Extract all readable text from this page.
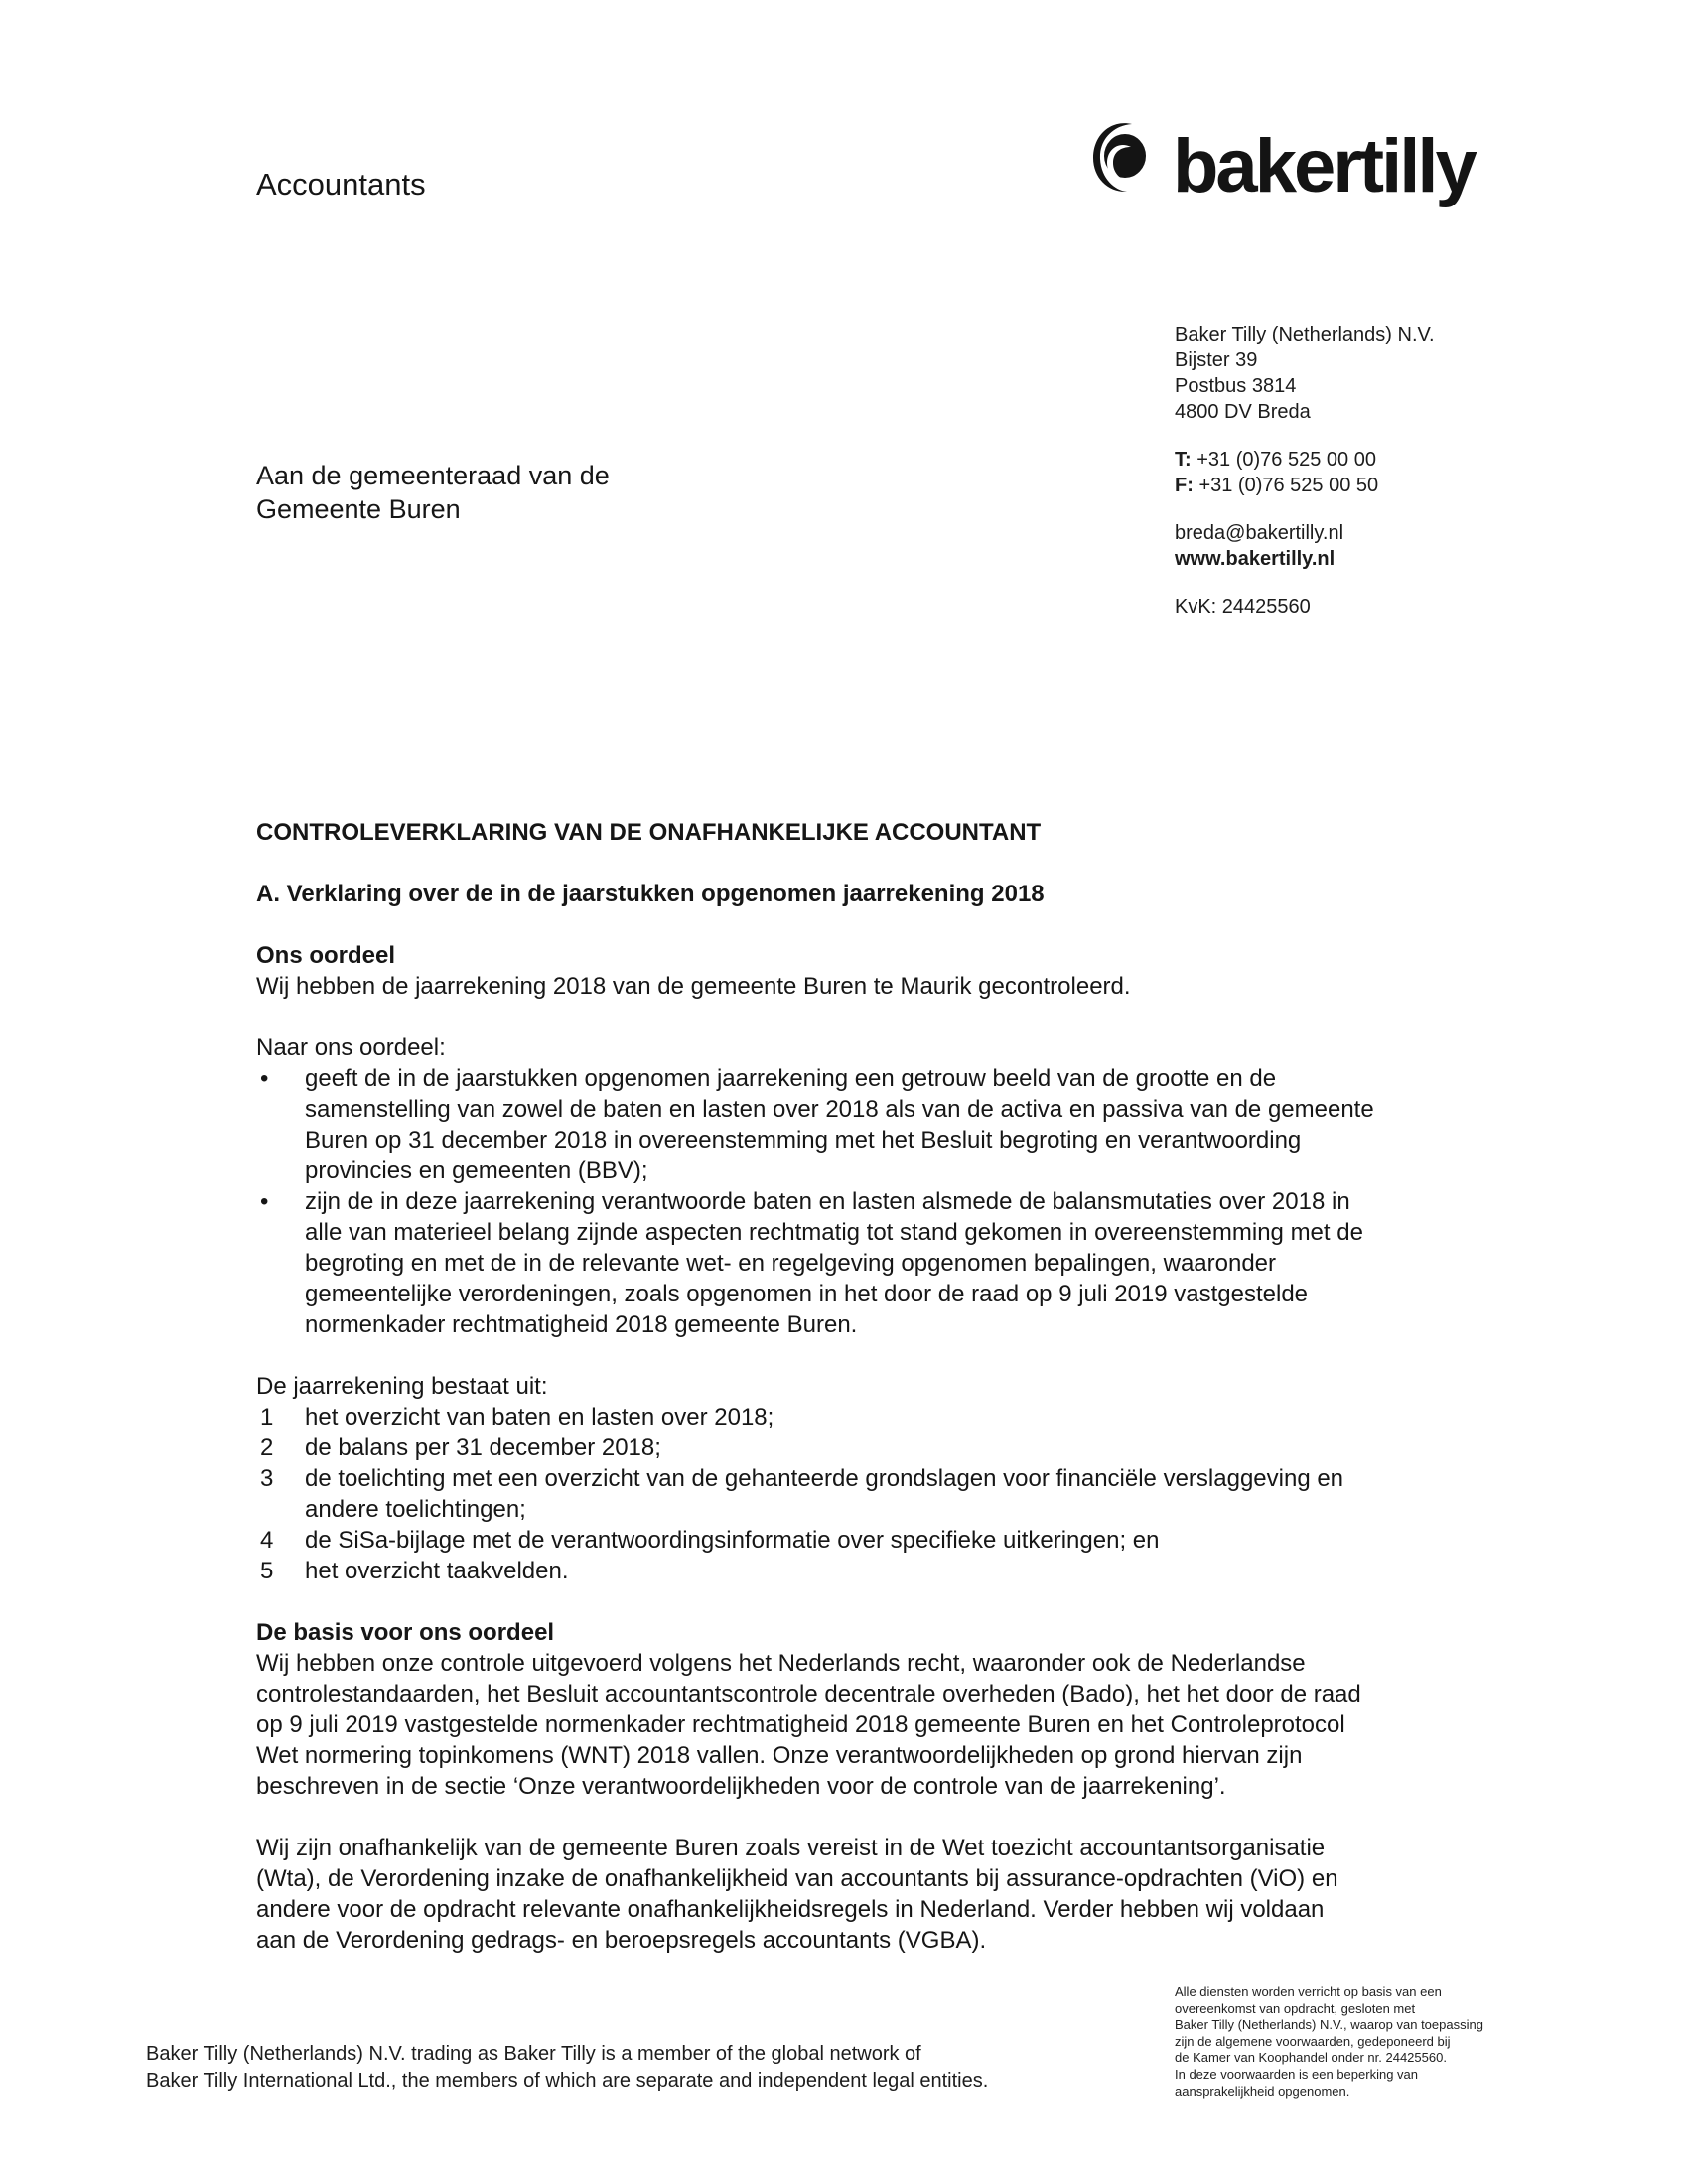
Accountants	bakertilly
Baker Tilly (Netherlands) N.V.
Bijster 39
Postbus 3814
4800 DV Breda
T: +31 (0)76 525 00 00
F: +31 (0)76 525 00 50
breda@bakertilly.nl
www.bakertilly.nl
KvK: 24425560
Aan de gemeenteraad van de
Gemeente Buren
CONTROLEVERKLARING VAN DE ONAFHANKELIJKE ACCOUNTANT
A. Verklaring over de in de jaarstukken opgenomen jaarrekening 2018
Ons oordeel
Wij hebben de jaarrekening 2018 van de gemeente Buren te Maurik gecontroleerd.
Naar ons oordeel:
• geeft de in de jaarstukken opgenomen jaarrekening een getrouw beeld van de grootte en de
samenstelling van zowel de baten en lasten over 2018 als van de activa en passiva van de gemeente
Buren op 31 december 2018 in overeenstemming met het Besluit begroting en verantwoording
provincies en gemeenten (BBV);
• zijn de in deze jaarrekening verantwoorde baten en lasten alsmede de balansmutaties over 2018 in
alle van materieel belang zijnde aspecten rechtmatig tot stand gekomen in overeenstemming met de
begroting en met de in de relevante wet- en regelgeving opgenomen bepalingen, waaronder
gemeentelijke verordeningen, zoals opgenomen in het door de raad op 9 juli 2019 vastgestelde
normenkader rechtmatigheid 2018 gemeente Buren.
De jaarrekening bestaat uit:
1 het overzicht van baten en lasten over 2018;
2 de balans per 31 december 2018;
3 de toelichting met een overzicht van de gehanteerde grondslagen voor financiële verslaggeving en
andere toelichtingen;
4 de SiSa-bijlage met de verantwoordingsinformatie over specifieke uitkeringen; en
5 het overzicht taakvelden.
De basis voor ons oordeel
Wij hebben onze controle uitgevoerd volgens het Nederlands recht, waaronder ook de Nederlandse
controlestandaarden, het Besluit accountantscontrole decentrale overheden (Bado), het het door de raad
op 9 juli 2019 vastgestelde normenkader rechtmatigheid 2018 gemeente Buren en het Controleprotocol
Wet normering topinkomens (WNT) 2018 vallen. Onze verantwoordelijkheden op grond hiervan zijn
beschreven in de sectie ‘Onze verantwoordelijkheden voor de controle van de jaarrekening’.
Wij zijn onafhankelijk van de gemeente Buren zoals vereist in de Wet toezicht accountantsorganisatie
(Wta), de Verordening inzake de onafhankelijkheid van accountants bij assurance-opdrachten (ViO) en
andere voor de opdracht relevante onafhankelijkheidsregels in Nederland. Verder hebben wij voldaan
aan de Verordening gedrags- en beroepsregels accountants (VGBA).
Baker Tilly (Netherlands) N.V. trading as Baker Tilly is a member of the global network of
Baker Tilly International Ltd., the members of which are separate and independent legal entities.
Alle diensten worden verricht op basis van een
overeenkomst van opdracht, gesloten met
Baker Tilly (Netherlands) N.V., waarop van toepassing
zijn de algemene voorwaarden, gedeponeerd bij
de Kamer van Koophandel onder nr. 24425560.
In deze voorwaarden is een beperking van
aansprakelijkheid opgenomen.
